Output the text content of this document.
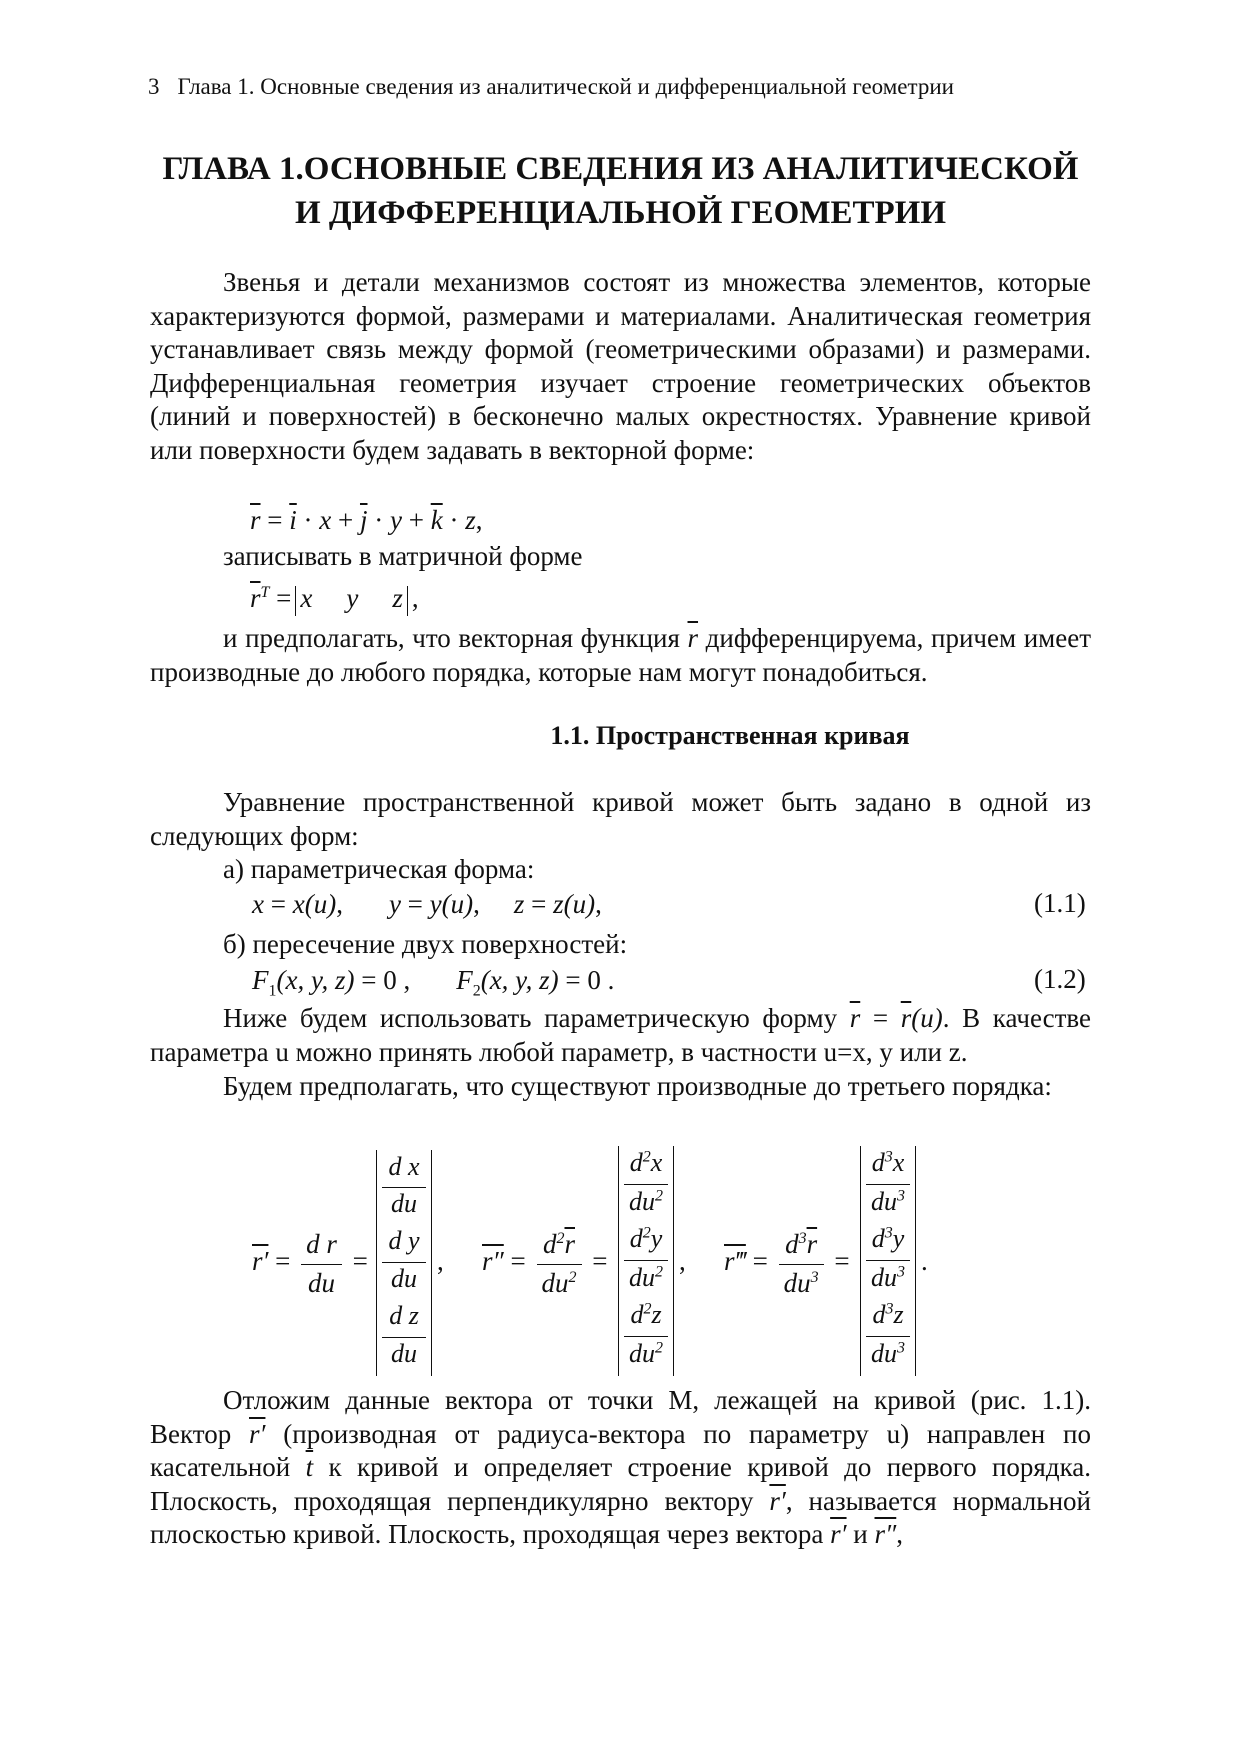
3 Глава 1. Основные сведения из аналитической и дифференциальной геометрии
ГЛАВА 1.ОСНОВНЫЕ СВЕДЕНИЯ ИЗ АНАЛИТИЧЕСКОЙ
И ДИФФЕРЕНЦИАЛЬНОЙ ГЕОМЕТРИИ
Звенья и детали механизмов состоят из множества элементов, которые характеризуются формой, размерами и материалами. Аналитическая геометрия устанавливает связь между формой (геометрическими образами) и размерами. Дифференциальная геометрия изучает строение геометрических объектов (линий и поверхностей) в бесконечно малых окрестностях. Уравнение кривой или поверхности будем задавать в векторной форме:
$\overline{r} = \overline{i} \cdot x + \overline{j} \cdot y + \overline{k} \cdot z$,
записывать в матричной форме
$\overline{r}^T = x$ y z ,
и предполагать, что векторная функция $\overline{r}$ дифференцируема, причем имеет производные до любого порядка, которые нам могут понадобиться.
1.1. Пространственная кривая
Уравнение пространственной кривой может быть задано в одной из следующих форм:
а) параметрическая форма:
x = x(u), y = y(u), z = z(u),	(1.1)
б) пересечение двух поверхностей:
$F_1(x$, y, z) = 0 , $F_2(x$, y, z) = 0 .	(1.2)
Ниже будем использовать параметрическую форму $\overline{r} = \overline{r}(u)$. В качестве параметра u можно принять любой параметр, в частности u=x, y или z.
Будем предполагать, что существуют производные до третьего порядка:
$r' = \frac{\text{d r}}{du}$ =
d x
du
d y
du
d z
du
, $r'' = \frac{d^2\overline{r}}{du^2}$ =
$d^2x$
$du^2$
$d^2y$
$du^2$
$d^2z$
$du^2$
, r‴ = $\frac{d^3\overline{r}}{du^3}$ =
$d^3x$
$du^3$
$d^3y$
$du^3$
$d^3z$
$du^3$
.
Отложим данные вектора от точки M, лежащей на кривой (рис. 1.1). Вектор r′ (производная от радиуса-вектора по параметру u) направлен по касательной $\overline{t}$ к кривой и определяет строение кривой до первого порядка. Плоскость, проходящая перпендикулярно вектору r′, называется нормальной плоскостью кривой. Плоскость, проходящая через вектора r′ и r″,
